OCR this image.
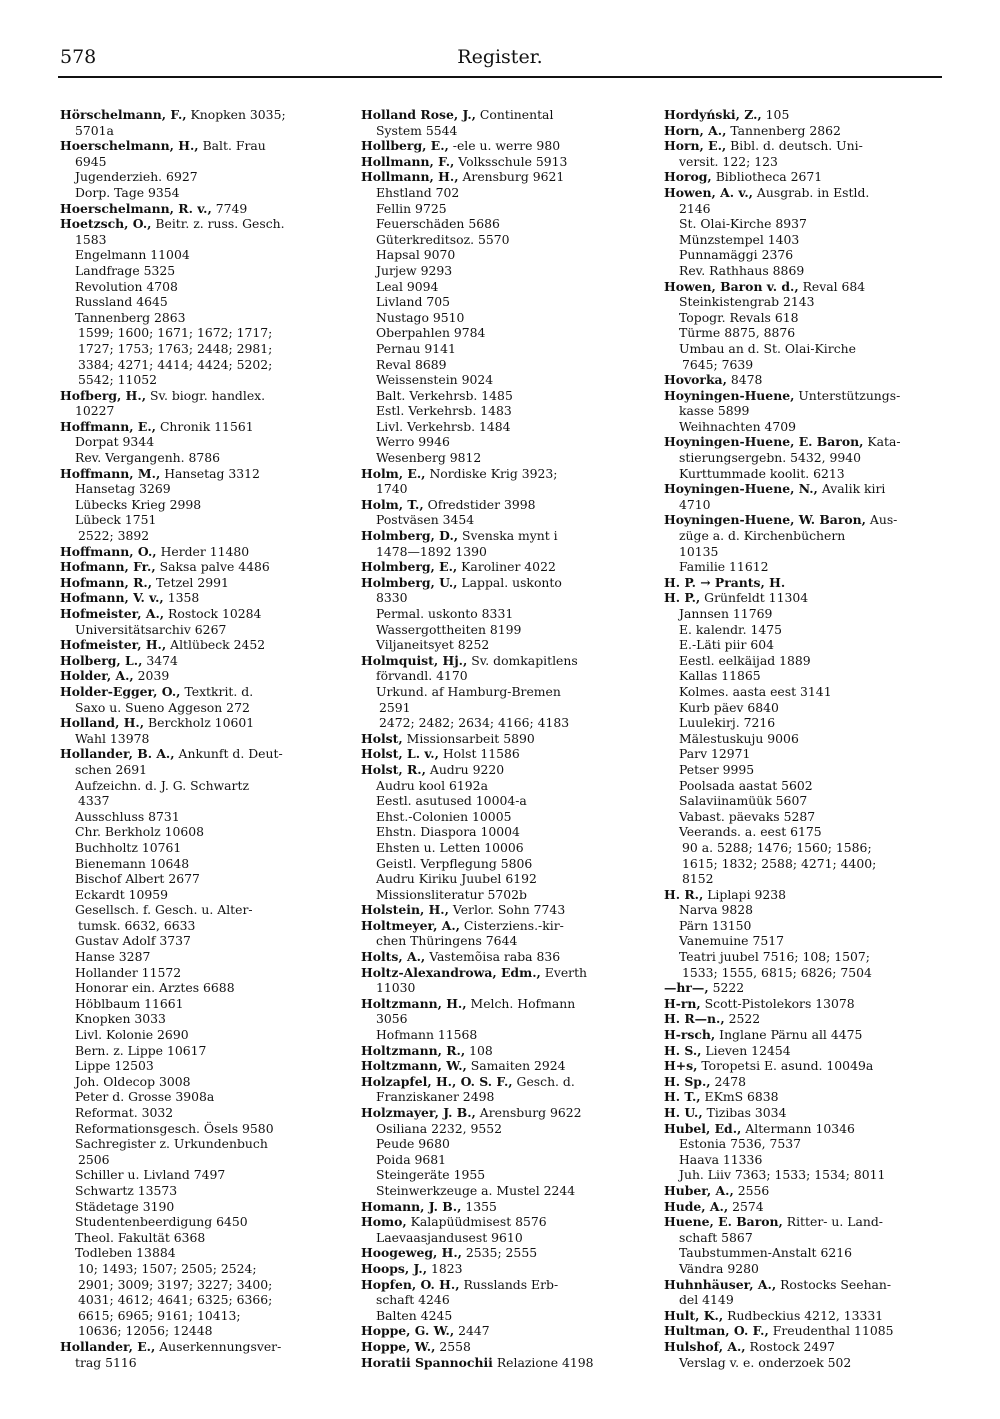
578	Register.
Hörschelmann, F., Knopken 3035;
5701a
Hoerschelmann, H., Balt. Frau
6945
Jugenderzieh. 6927
Dorp. Tage 9354
Hoerschelmann, R. v., 7749
Hoetzsch, O., Beitr. z. russ. Gesch.
1583
Engelmann 11004
Landfrage 5325
Revolution 4708
Russland 4645
Tannenberg 2863
1599; 1600; 1671; 1672; 1717;
1727; 1753; 1763; 2448; 2981;
3384; 4271; 4414; 4424; 5202;
5542; 11052
Hofberg, H., Sv. biogr. handlex.
10227
Hoffmann, E., Chronik 11561
Dorpat 9344
Rev. Vergangenh. 8786
Hoffmann, M., Hansetag 3312
Hansetag 3269
Lübecks Krieg 2998
Lübeck 1751
2522; 3892
Hoffmann, O., Herder 11480
Hofmann, Fr., Saksa palve 4486
Hofmann, R., Tetzel 2991
Hofmann, V. v., 1358
Hofmeister, A., Rostock 10284
Universitätsarchiv 6267
Hofmeister, H., Altlübeck 2452
Holberg, L., 3474
Holder, A., 2039
Holder-Egger, O., Textkrit. d.
Saxo u. Sueno Aggeson 272
Holland, H., Berckholz 10601
Wahl 13978
Hollander, B. A., Ankunft d. Deut-
schen 2691
Aufzeichn. d. J. G. Schwartz
4337
Ausschluss 8731
Chr. Berkholz 10608
Buchholtz 10761
Bienemann 10648
Bischof Albert 2677
Eckardt 10959
Gesellsch. f. Gesch. u. Alter-
tumsk. 6632, 6633
Gustav Adolf 3737
Hanse 3287
Hollander 11572
Honorar ein. Arztes 6688
Höblbaum 11661
Knopken 3033
Livl. Kolonie 2690
Bern. z. Lippe 10617
Lippe 12503
Joh. Oldecop 3008
Peter d. Grosse 3908a
Reformat. 3032
Reformationsgesch. Ösels 9580
Sachregister z. Urkundenbuch
2506
Schiller u. Livland 7497
Schwartz 13573
Städetage 3190
Studentenbeerdigung 6450
Theol. Fakultät 6368
Todleben 13884
10; 1493; 1507; 2505; 2524;
2901; 3009; 3197; 3227; 3400;
4031; 4612; 4641; 6325; 6366;
6615; 6965; 9161; 10413;
10636; 12056; 12448
Hollander, E., Auserkennungsver-
trag 5116
Holland Rose, J., Continental
System 5544
Hollberg, E., -ele u. werre 980
Hollmann, F., Volksschule 5913
Hollmann, H., Arensburg 9621
Ehstland 702
Fellin 9725
Feuerschäden 5686
Güterkreditsoz. 5570
Hapsal 9070
Jurjew 9293
Leal 9094
Livland 705
Nustago 9510
Oberpahlen 9784
Pernau 9141
Reval 8689
Weissenstein 9024
Balt. Verkehrsb. 1485
Estl. Verkehrsb. 1483
Livl. Verkehrsb. 1484
Werro 9946
Wesenberg 9812
Holm, E., Nordiske Krig 3923;
1740
Holm, T., Ofredstider 3998
Postväsen 3454
Holmberg, D., Svenska mynt i
1478—1892 1390
Holmberg, E., Karoliner 4022
Holmberg, U., Lappal. uskonto
8330
Permal. uskonto 8331
Wassergottheiten 8199
Viljaneitsyet 8252
Holmquist, Hj., Sv. domkapitlens
förvandl. 4170
Urkund. af Hamburg-Bremen
2591
2472; 2482; 2634; 4166; 4183
Holst, Missionsarbeit 5890
Holst, L. v., Holst 11586
Holst, R., Audru 9220
Audru kool 6192a
Eestl. asutused 10004-a
Ehst.-Colonien 10005
Ehstn. Diaspora 10004
Ehsten u. Letten 10006
Geistl. Verpflegung 5806
Audru Kiriku Juubel 6192
Missionsliteratur 5702b
Holstein, H., Verlor. Sohn 7743
Holtmeyer, A., Cisterziens.-kir-
chen Thüringens 7644
Holts, A., Vastemõisa raba 836
Holtz-Alexandrowa, Edm., Everth
11030
Holtzmann, H., Melch. Hofmann
3056
Hofmann 11568
Holtzmann, R., 108
Holtzmann, W., Samaiten 2924
Holzapfel, H., O. S. F., Gesch. d.
Franziskaner 2498
Holzmayer, J. B., Arensburg 9622
Osiliana 2232, 9552
Peude 9680
Poida 9681
Steingeräte 1955
Steinwerkzeuge a. Mustel 2244
Homann, J. B., 1355
Homo, Kalapüüdmisest 8576
Laevaasjandusest 9610
Hoogeweg, H., 2535; 2555
Hoops, J., 1823
Hopfen, O. H., Russlands Erb-
schaft 4246
Balten 4245
Hoppe, G. W., 2447
Hoppe, W., 2558
Horatii Spannochii Relazione 4198
Hordyński, Z., 105
Horn, A., Tannenberg 2862
Horn, E., Bibl. d. deutsch. Uni-
versit. 122; 123
Horog, Bibliotheca 2671
Howen, A. v., Ausgrab. in Estld.
2146
St. Olai-Kirche 8937
Münzstempel 1403
Punnamäggi 2376
Rev. Rathhaus 8869
Howen, Baron v. d., Reval 684
Steinkistengrab 2143
Topogr. Revals 618
Türme 8875, 8876
Umbau an d. St. Olai-Kirche
7645; 7639
Hovorka, 8478
Hoyningen-Huene, Unterstützungs-
kasse 5899
Weihnachten 4709
Hoyningen-Huene, E. Baron, Kata-
stierungsergebn. 5432, 9940
Kurttummade koolit. 6213
Hoyningen-Huene, N., Avalik kiri
4710
Hoyningen-Huene, W. Baron, Aus-
züge a. d. Kirchenbüchern
10135
Familie 11612
H. P. → Prants, H.
H. P., Grünfeldt 11304
Jannsen 11769
E. kalendr. 1475
E.-Läti piir 604
Eestl. eelkäijad 1889
Kallas 11865
Kolmes. aasta eest 3141
Kurb päev 6840
Luulekirj. 7216
Mälestuskuju 9006
Parv 12971
Petser 9995
Poolsada aastat 5602
Salaviinamüük 5607
Vabast. päevaks 5287
Veerands. a. eest 6175
90 a. 5288; 1476; 1560; 1586;
1615; 1832; 2588; 4271; 4400;
8152
H. R., Liplapi 9238
Narva 9828
Pärn 13150
Vanemuine 7517
Teatri juubel 7516; 108; 1507;
1533; 1555, 6815; 6826; 7504
—hr—, 5222
H-rn, Scott-Pistolekors 13078
H. R—n., 2522
H-rsch, Inglane Pärnu all 4475
H. S., Lieven 12454
H+s, Toropetsi E. asund. 10049a
H. Sp., 2478
H. T., EKmS 6838
H. U., Tizibas 3034
Hubel, Ed., Altermann 10346
Estonia 7536, 7537
Haava 11336
Juh. Liiv 7363; 1533; 1534; 8011
Huber, A., 2556
Hude, A., 2574
Huene, E. Baron, Ritter- u. Land-
schaft 5867
Taubstummen-Anstalt 6216
Vändra 9280
Huhnhäuser, A., Rostocks Seehan-
del 4149
Hult, K., Rudbeckius 4212, 13331
Hultman, O. F., Freudenthal 11085
Hulshof, A., Rostock 2497
Verslag v. e. onderzoek 502
